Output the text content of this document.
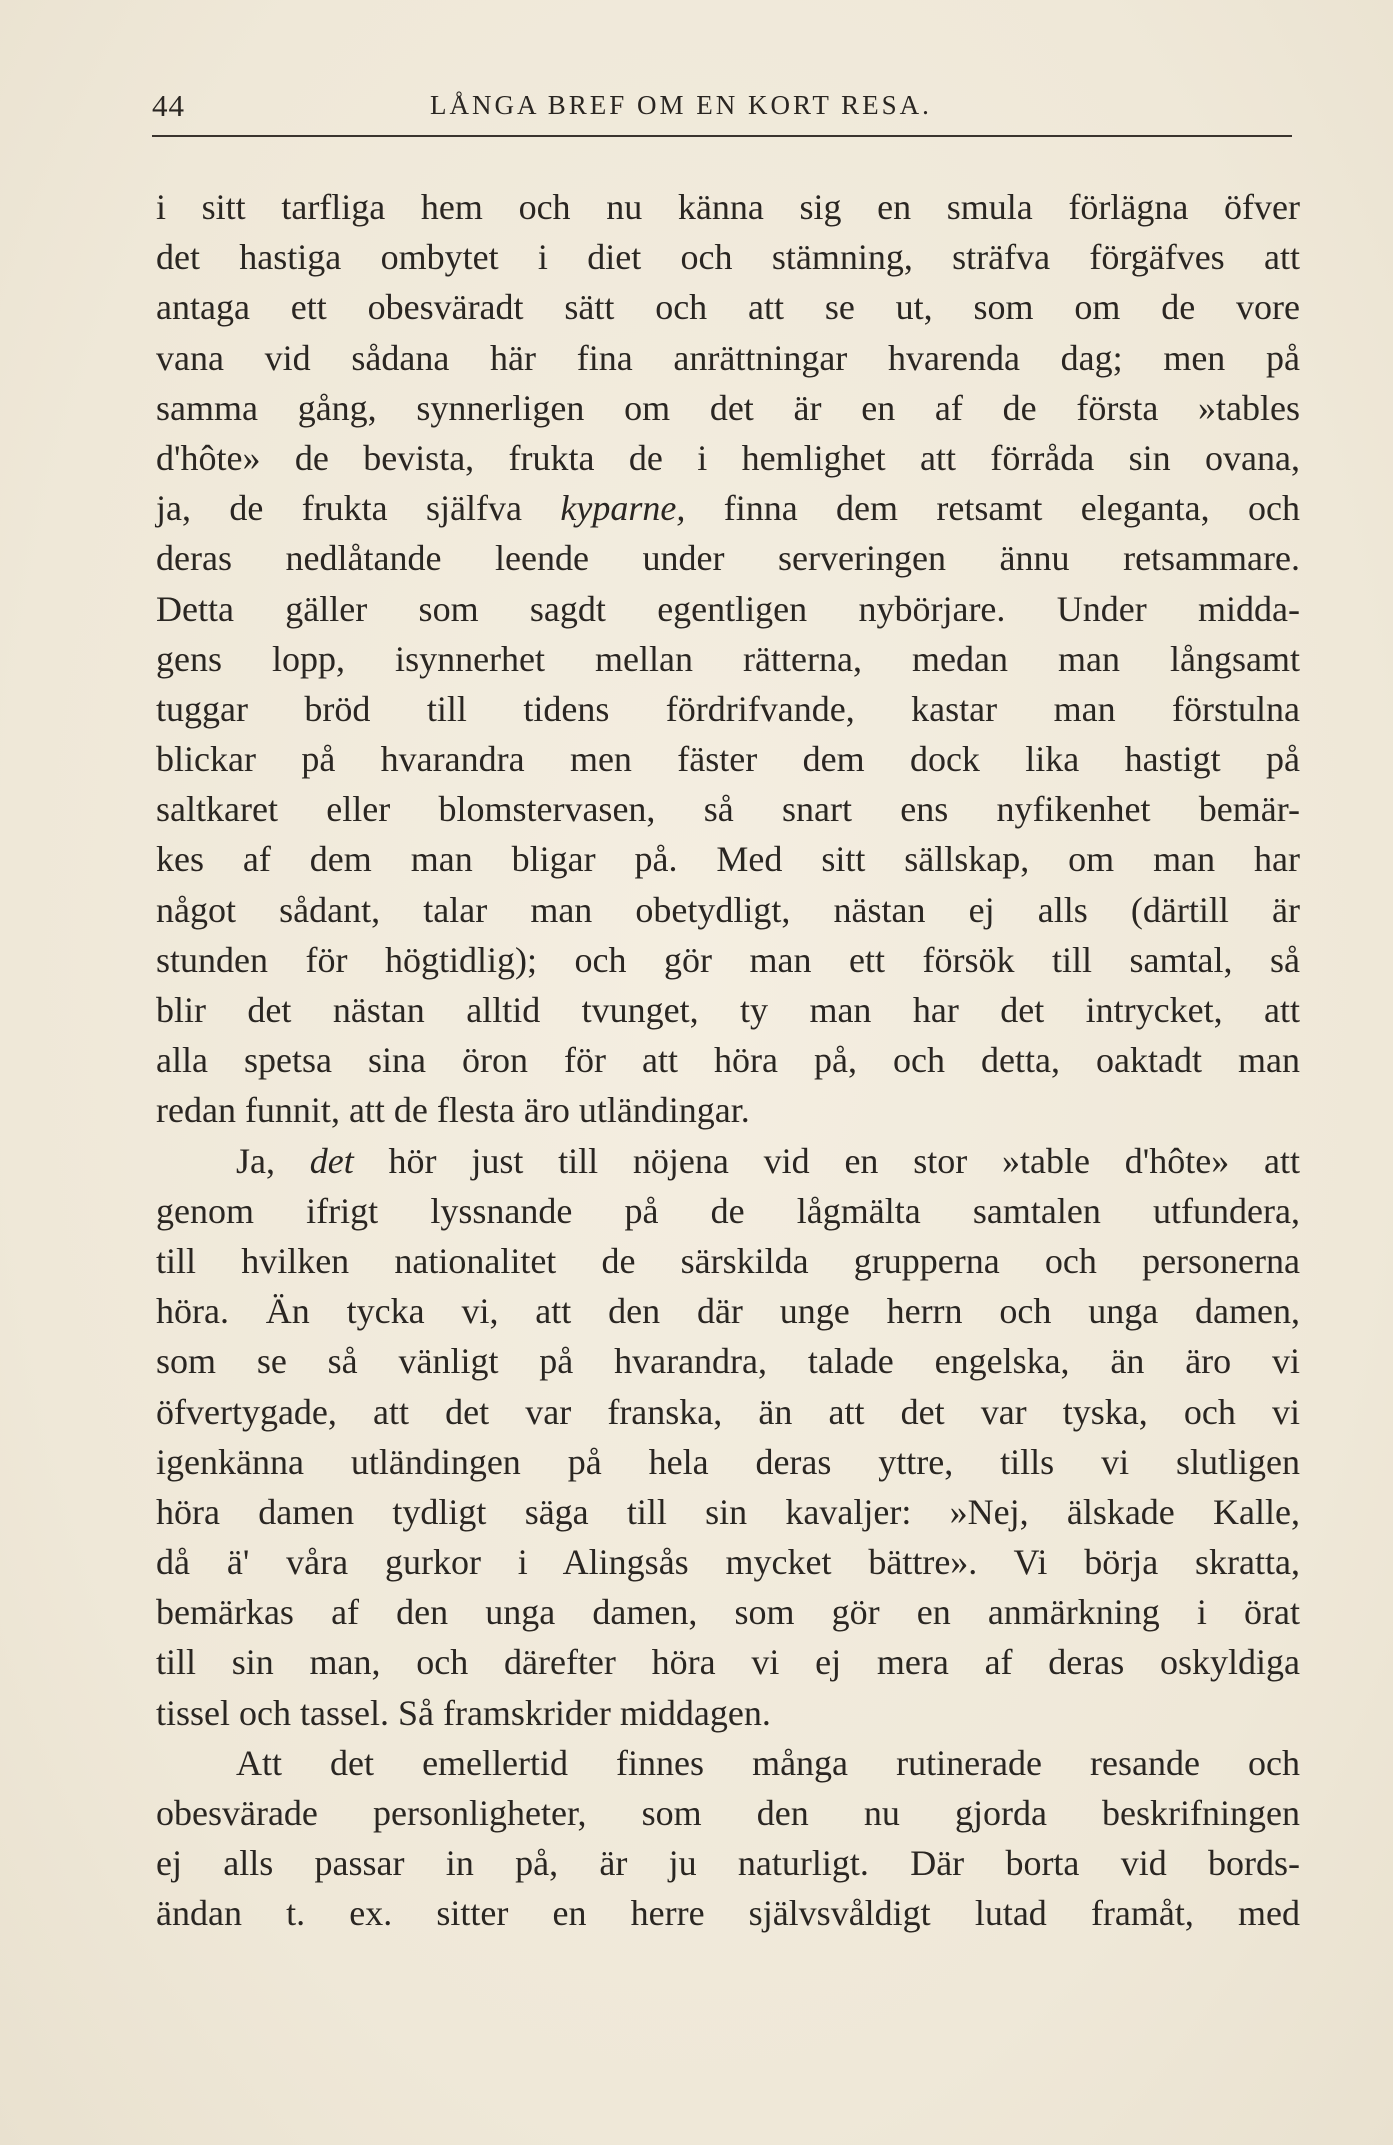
44	LÅNGA BREF OM EN KORT RESA.
i sitt tarfliga hem och nu känna sig en smula förlägna öfver
det hastiga ombytet i diet och stämning, sträfva förgäfves att
antaga ett obesväradt sätt och att se ut, som om de vore
vana vid sådana här fina anrättningar hvarenda dag; men på
samma gång, synnerligen om det är en af de första »tables
d'hôte» de bevista, frukta de i hemlighet att förråda sin ovana,
ja, de frukta själfva kyparne, finna dem retsamt eleganta, och
deras nedlåtande leende under serveringen ännu retsammare.
Detta gäller som sagdt egentligen nybörjare. Under midda-
gens lopp, isynnerhet mellan rätterna, medan man långsamt
tuggar bröd till tidens fördrifvande, kastar man förstulna
blickar på hvarandra men fäster dem dock lika hastigt på
saltkaret eller blomstervasen, så snart ens nyfikenhet bemär-
kes af dem man bligar på. Med sitt sällskap, om man har
något sådant, talar man obetydligt, nästan ej alls (därtill är
stunden för högtidlig); och gör man ett försök till samtal, så
blir det nästan alltid tvunget, ty man har det intrycket, att
alla spetsa sina öron för att höra på, och detta, oaktadt man
redan funnit, att de flesta äro utländingar.
Ja, det hör just till nöjena vid en stor »table d'hôte» att
genom ifrigt lyssnande på de lågmälta samtalen utfundera,
till hvilken nationalitet de särskilda grupperna och personerna
höra. Än tycka vi, att den där unge herrn och unga damen,
som se så vänligt på hvarandra, talade engelska, än äro vi
öfvertygade, att det var franska, än att det var tyska, och vi
igenkänna utländingen på hela deras yttre, tills vi slutligen
höra damen tydligt säga till sin kavaljer: »Nej, älskade Kalle,
då ä' våra gurkor i Alingsås mycket bättre». Vi börja skratta,
bemärkas af den unga damen, som gör en anmärkning i örat
till sin man, och därefter höra vi ej mera af deras oskyldiga
tissel och tassel. Så framskrider middagen.
Att det emellertid finnes många rutinerade resande och
obesvärade personligheter, som den nu gjorda beskrifningen
ej alls passar in på, är ju naturligt. Där borta vid bords-
ändan t. ex. sitter en herre självsvåldigt lutad framåt, med
